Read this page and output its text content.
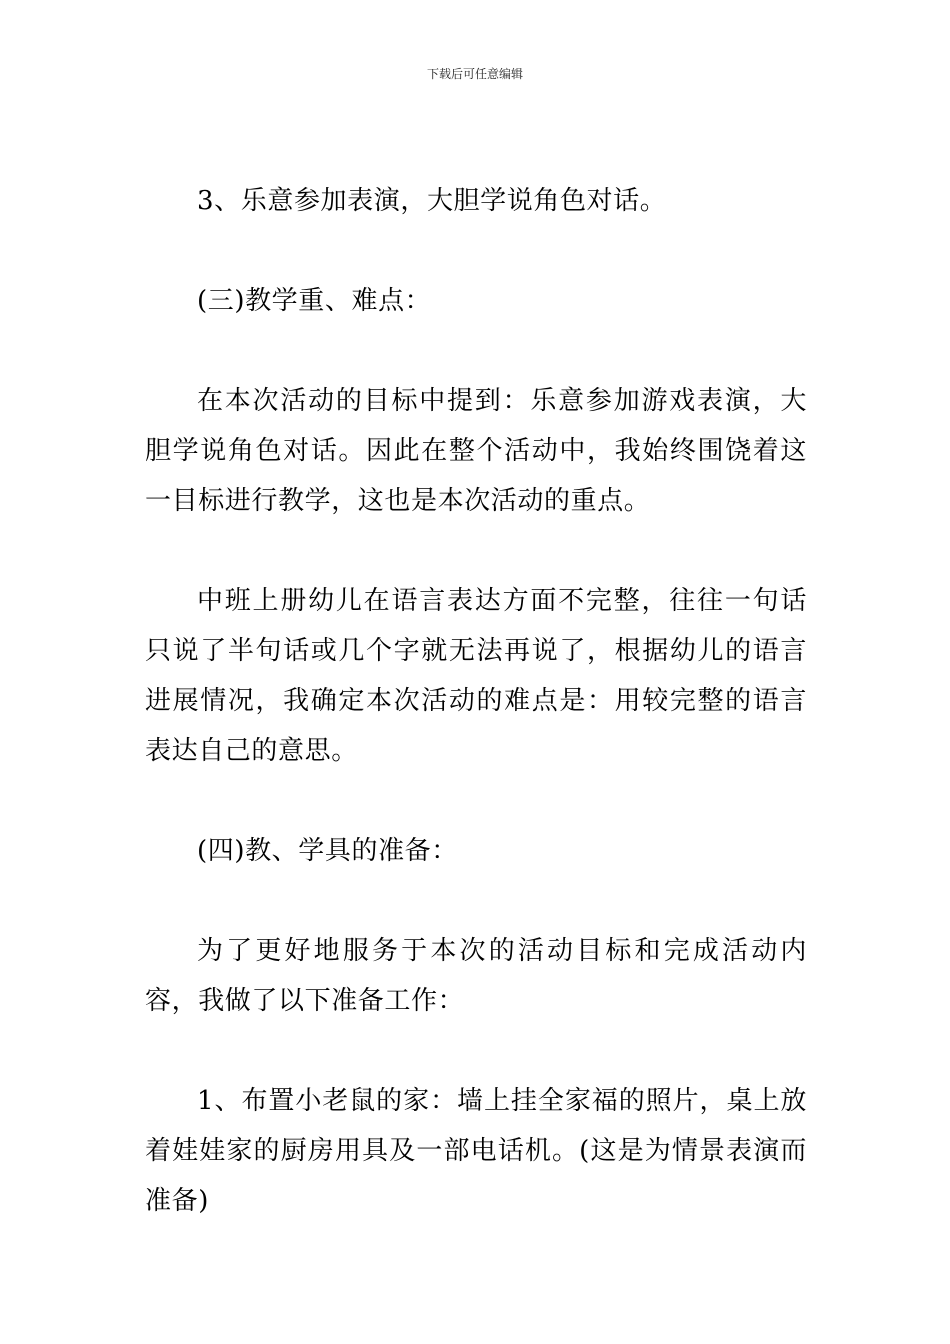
下载后可任意编辑

3、乐意参加表演，大胆学说角色对话。

(三)教学重、难点：

在本次活动的目标中提到：乐意参加游戏表演，大胆学说角色对话。因此在整个活动中，我始终围饶着这一目标进行教学，这也是本次活动的重点。

中班上册幼儿在语言表达方面不完整，往往一句话只说了半句话或几个字就无法再说了，根据幼儿的语言进展情况，我确定本次活动的难点是：用较完整的语言表达自己的意思。

(四)教、学具的准备：

为了更好地服务于本次的活动目标和完成活动内容，我做了以下准备工作：

1、布置小老鼠的家：墙上挂全家福的照片，桌上放着娃娃家的厨房用具及一部电话机。(这是为情景表演而准备)
